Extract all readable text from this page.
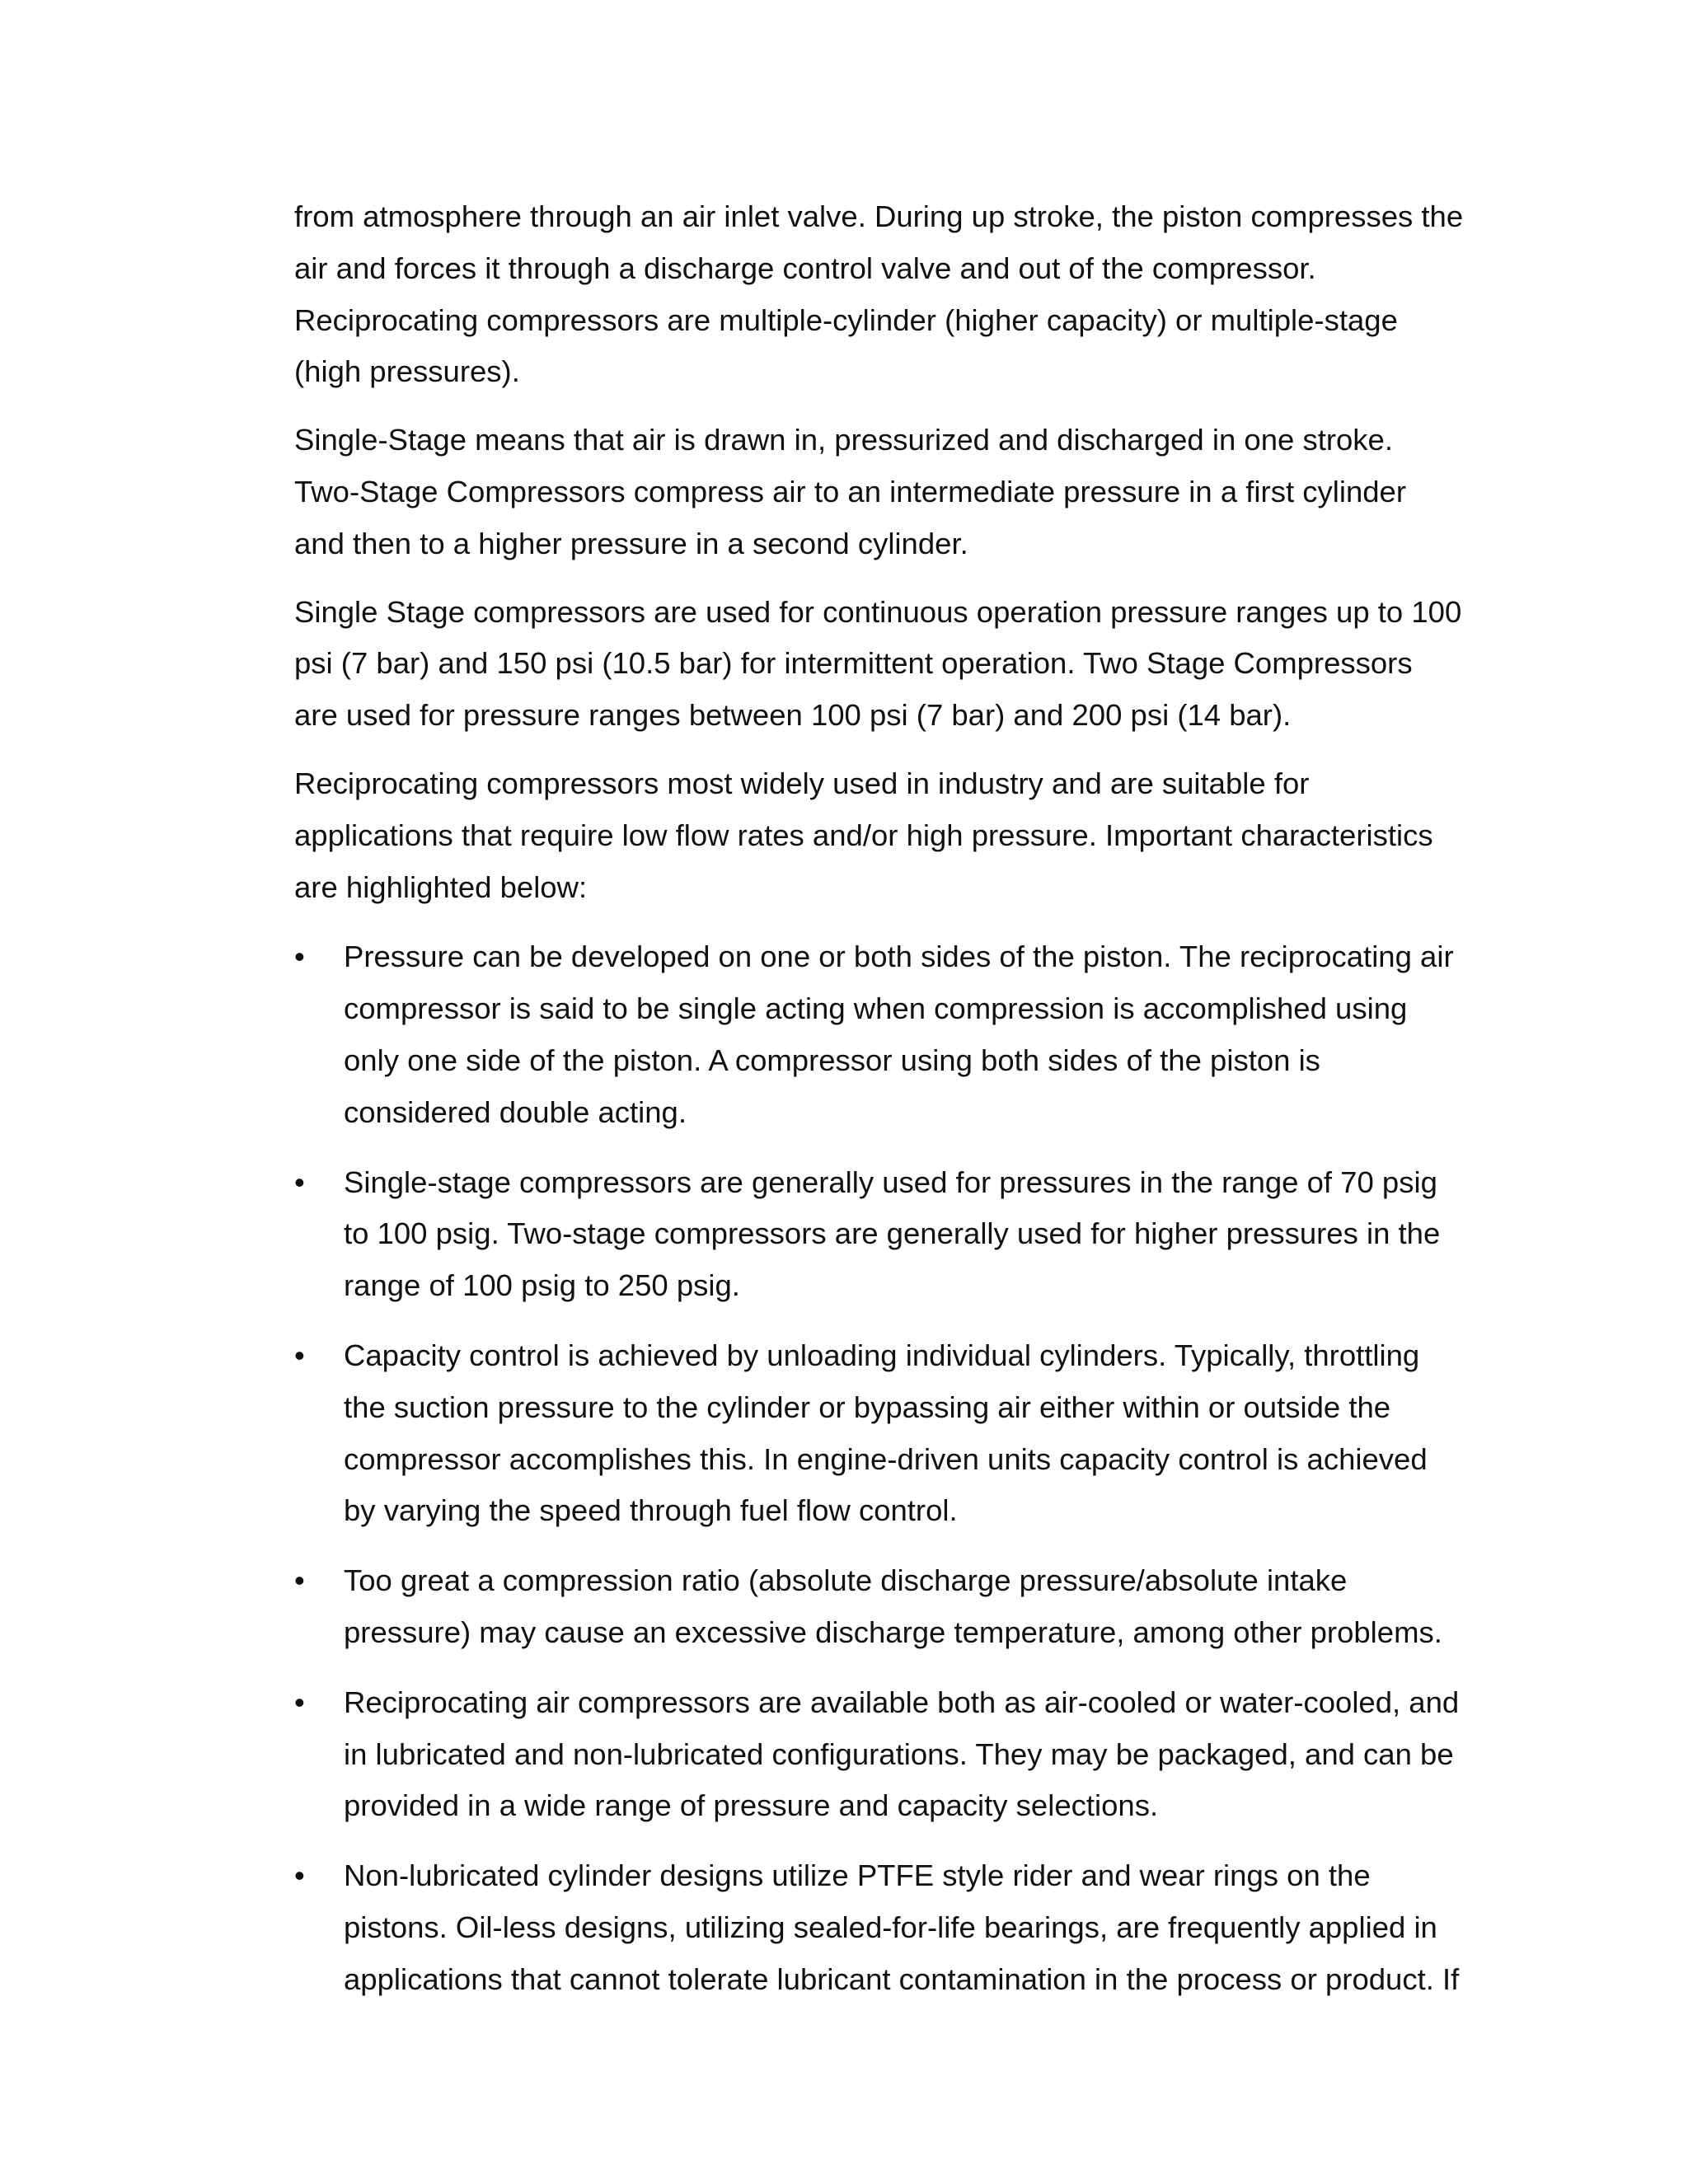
from atmosphere through an air inlet valve. During up stroke, the piston compresses the
air and forces it through a discharge control valve and out of the compressor.
Reciprocating compressors are multiple-cylinder (higher capacity) or multiple-stage
(high pressures).

Single-Stage means that air is drawn in, pressurized and discharged in one stroke.
Two-Stage Compressors compress air to an intermediate pressure in a first cylinder
and then to a higher pressure in a second cylinder.

Single Stage compressors are used for continuous operation pressure ranges up to 100
psi (7 bar) and 150 psi (10.5 bar) for intermittent operation. Two Stage Compressors
are used for pressure ranges between 100 psi (7 bar) and 200 psi (14 bar).

Reciprocating compressors most widely used in industry and are suitable for
applications that require low flow rates and/or high pressure. Important characteristics
are highlighted below:

• Pressure can be developed on one or both sides of the piston. The reciprocating air
compressor is said to be single acting when compression is accomplished using
only one side of the piston. A compressor using both sides of the piston is
considered double acting.
• Single-stage compressors are generally used for pressures in the range of 70 psig
to 100 psig. Two-stage compressors are generally used for higher pressures in the
range of 100 psig to 250 psig.
• Capacity control is achieved by unloading individual cylinders. Typically, throttling
the suction pressure to the cylinder or bypassing air either within or outside the
compressor accomplishes this. In engine-driven units capacity control is achieved
by varying the speed through fuel flow control.
• Too great a compression ratio (absolute discharge pressure/absolute intake
pressure) may cause an excessive discharge temperature, among other problems.
• Reciprocating air compressors are available both as air-cooled or water-cooled, and
in lubricated and non-lubricated configurations. They may be packaged, and can be
provided in a wide range of pressure and capacity selections.
• Non-lubricated cylinder designs utilize PTFE style rider and wear rings on the
pistons. Oil-less designs, utilizing sealed-for-life bearings, are frequently applied in
applications that cannot tolerate lubricant contamination in the process or product. If
